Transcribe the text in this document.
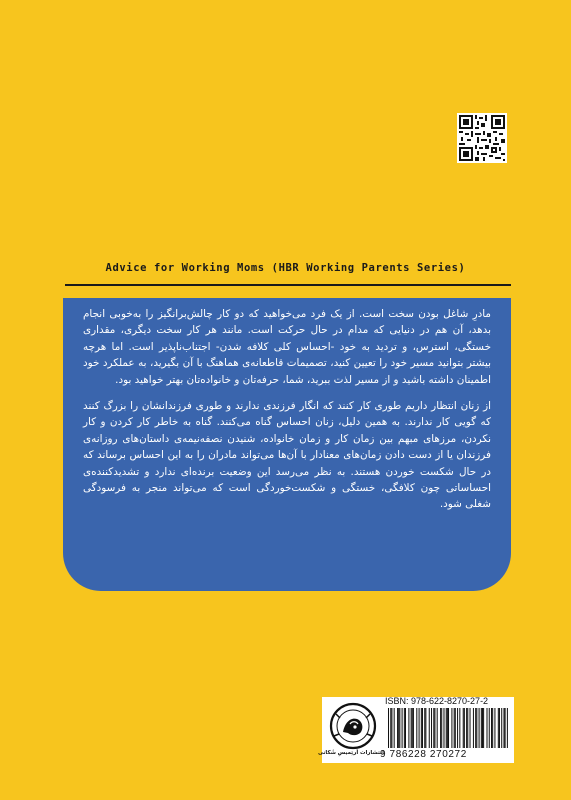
Advice for Working Moms (HBR Working Parents Series)

مادرِ شاغل بودن سخت است. از یک فرد می‌خواهید که دو کار چالش‌برانگیز را به‌خوبی انجام بدهد، آن هم در دنیایی که مدام در حال حرکت است. مانند هر کار سخت دیگری، مقداری خستگی، استرس، و تردید به خود -احساس کلی کلافه شدن- اجتناب‌ناپذیر است. اما هرچه بیشتر بتوانید مسیر خود را تعیین کنید، تصمیمات قاطعانه‌ی هماهنگ با آن بگیرید، به عملکرد خود اطمینان داشته باشید و از مسیر لذت ببرید، شما، حرفه‌تان و خانواده‌تان بهتر خواهید بود.

از زنان انتظار داریم طوری کار کنند که انگار فرزندی ندارند و طوری فرزندانشان را بزرگ کنند که گویی کار ندارند. به همین دلیل، زنان احساس گناه می‌کنند. گناه به خاطر کار کردن و کار نکردن، مرزهای مبهم بین زمان کار و زمان خانواده، شنیدن نصفه‌نیمه‌ی داستان‌های روزانه‌ی فرزندان یا از دست دادن زمان‌های معنادار با آن‌ها می‌تواند مادران را به این احساس برساند که در حال شکست خوردن هستند. به نظر می‌رسد این وضعیت برنده‌ای ندارد و تشدیدکننده‌ی احساساتی چون کلافگی، خستگی و شکست‌خوردگی است که می‌تواند منجر به فرسودگی شغلی شود.

انتشارات اَرتِمیسِ شَکانی
ISBN: 978-622-8270-27-2
9 786228 270272
